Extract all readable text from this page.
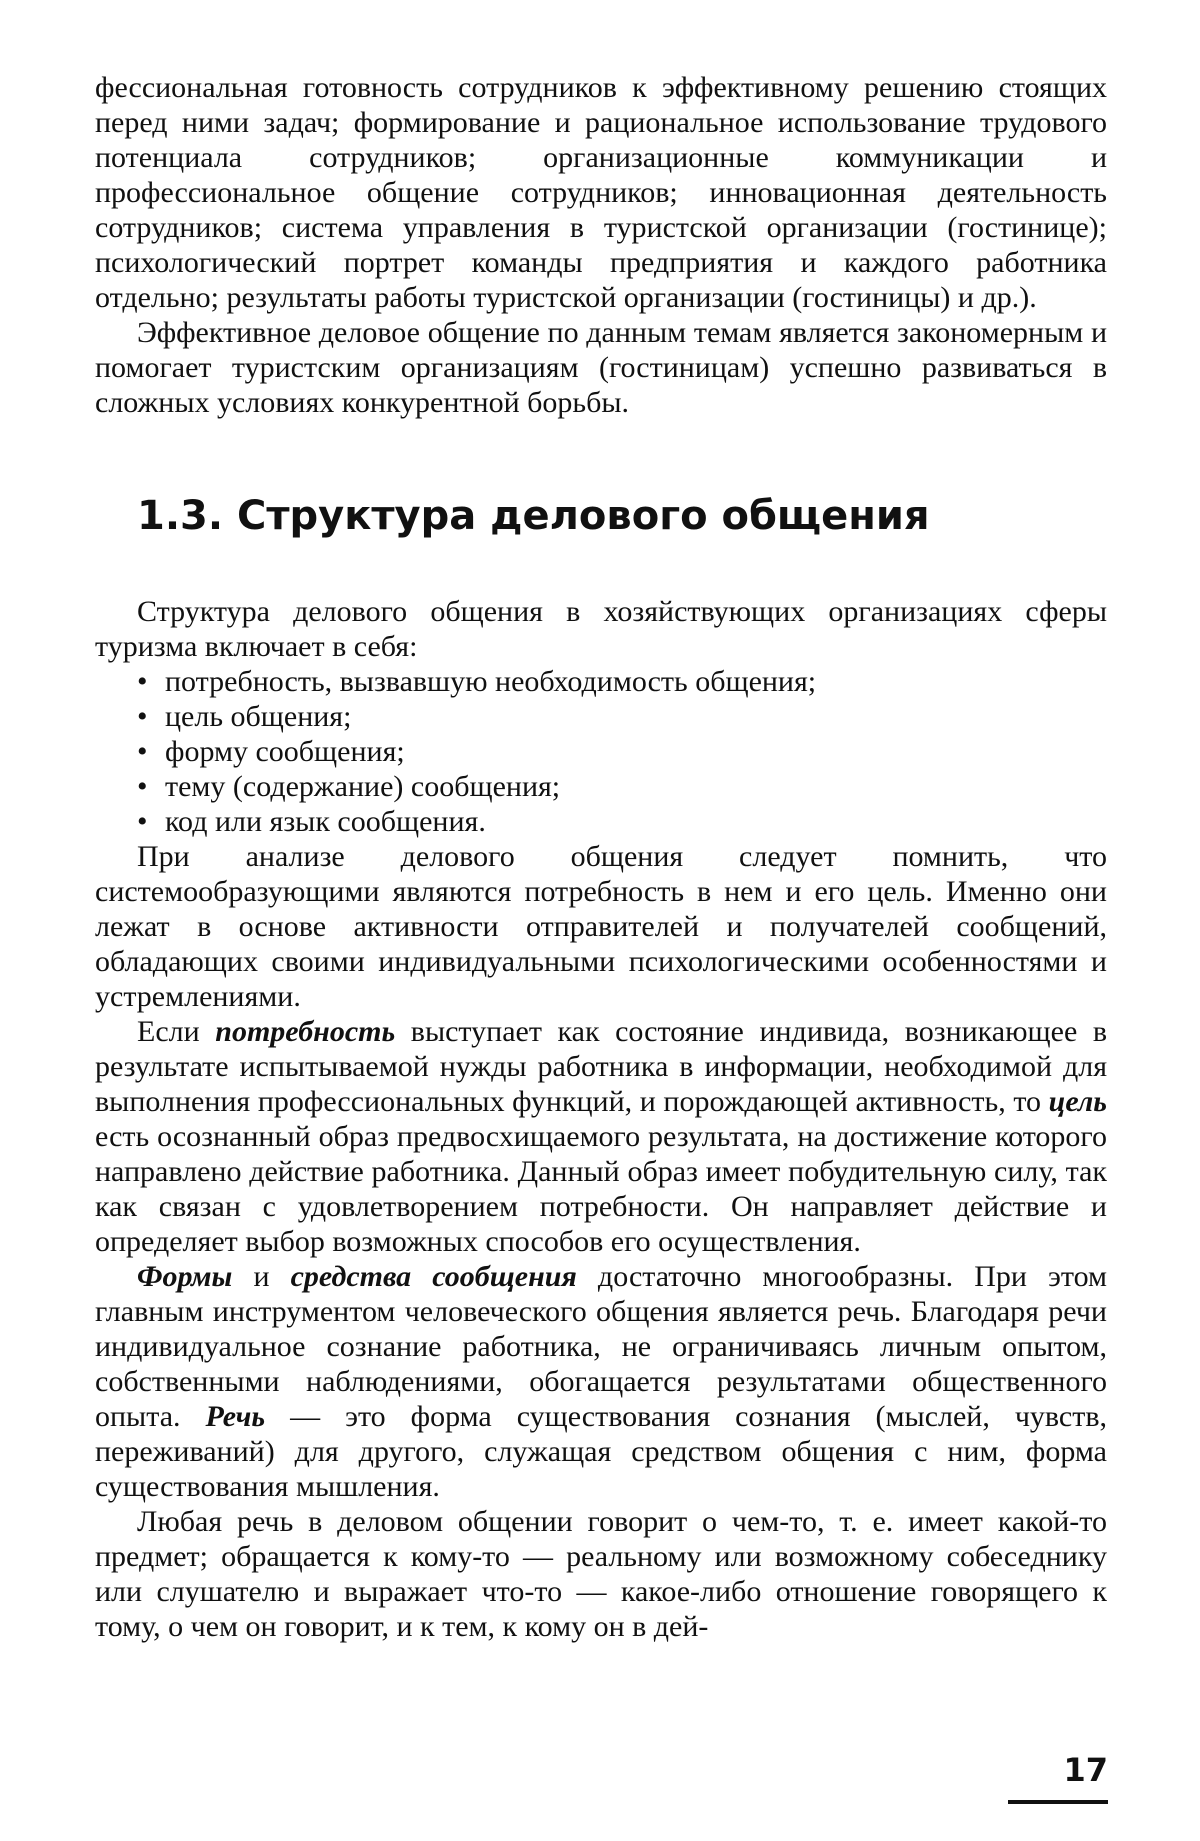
фессиональная готовность сотрудников к эффективному решению стоящих перед ними задач; формирование и рациональное использование трудового потенциала сотрудников; организационные коммуникации и профессиональное общение сотрудников; инновационная деятельность сотрудников; система управления в туристской организации (гостинице); психологический портрет команды предприятия и каждого работника отдельно; результаты работы туристской организации (гостиницы) и др.).

Эффективное деловое общение по данным темам является закономерным и помогает туристским организациям (гостиницам) успешно развиваться в сложных условиях конкурентной борьбы.

1.3. Структура делового общения

Структура делового общения в хозяйствующих организациях сферы туризма включает в себя:

• потребность, вызвавшую необходимость общения;
• цель общения;
• форму сообщения;
• тему (содержание) сообщения;
• код или язык сообщения.

При анализе делового общения следует помнить, что системообразующими являются потребность в нем и его цель. Именно они лежат в основе активности отправителей и получателей сообщений, обладающих своими индивидуальными психологическими особенностями и устремлениями.

Если потребность выступает как состояние индивида, возникающее в результате испытываемой нужды работника в информации, необходимой для выполнения профессиональных функций, и порождающей активность, то цель есть осознанный образ предвосхищаемого результата, на достижение которого направлено действие работника. Данный образ имеет побудительную силу, так как связан с удовлетворением потребности. Он направляет действие и определяет выбор возможных способов его осуществления.

Формы и средства сообщения достаточно многообразны. При этом главным инструментом человеческого общения является речь. Благодаря речи индивидуальное сознание работника, не ограничиваясь личным опытом, собственными наблюдениями, обогащается результатами общественного опыта. Речь — это форма существования сознания (мыслей, чувств, переживаний) для другого, служащая средством общения с ним, форма существования мышления.

Любая речь в деловом общении говорит о чем-то, т. е. имеет какой-то предмет; обращается к кому-то — реальному или возможному собеседнику или слушателю и выражает что-то — какое-либо отношение говорящего к тому, о чем он говорит, и к тем, к кому он в дей-

17
